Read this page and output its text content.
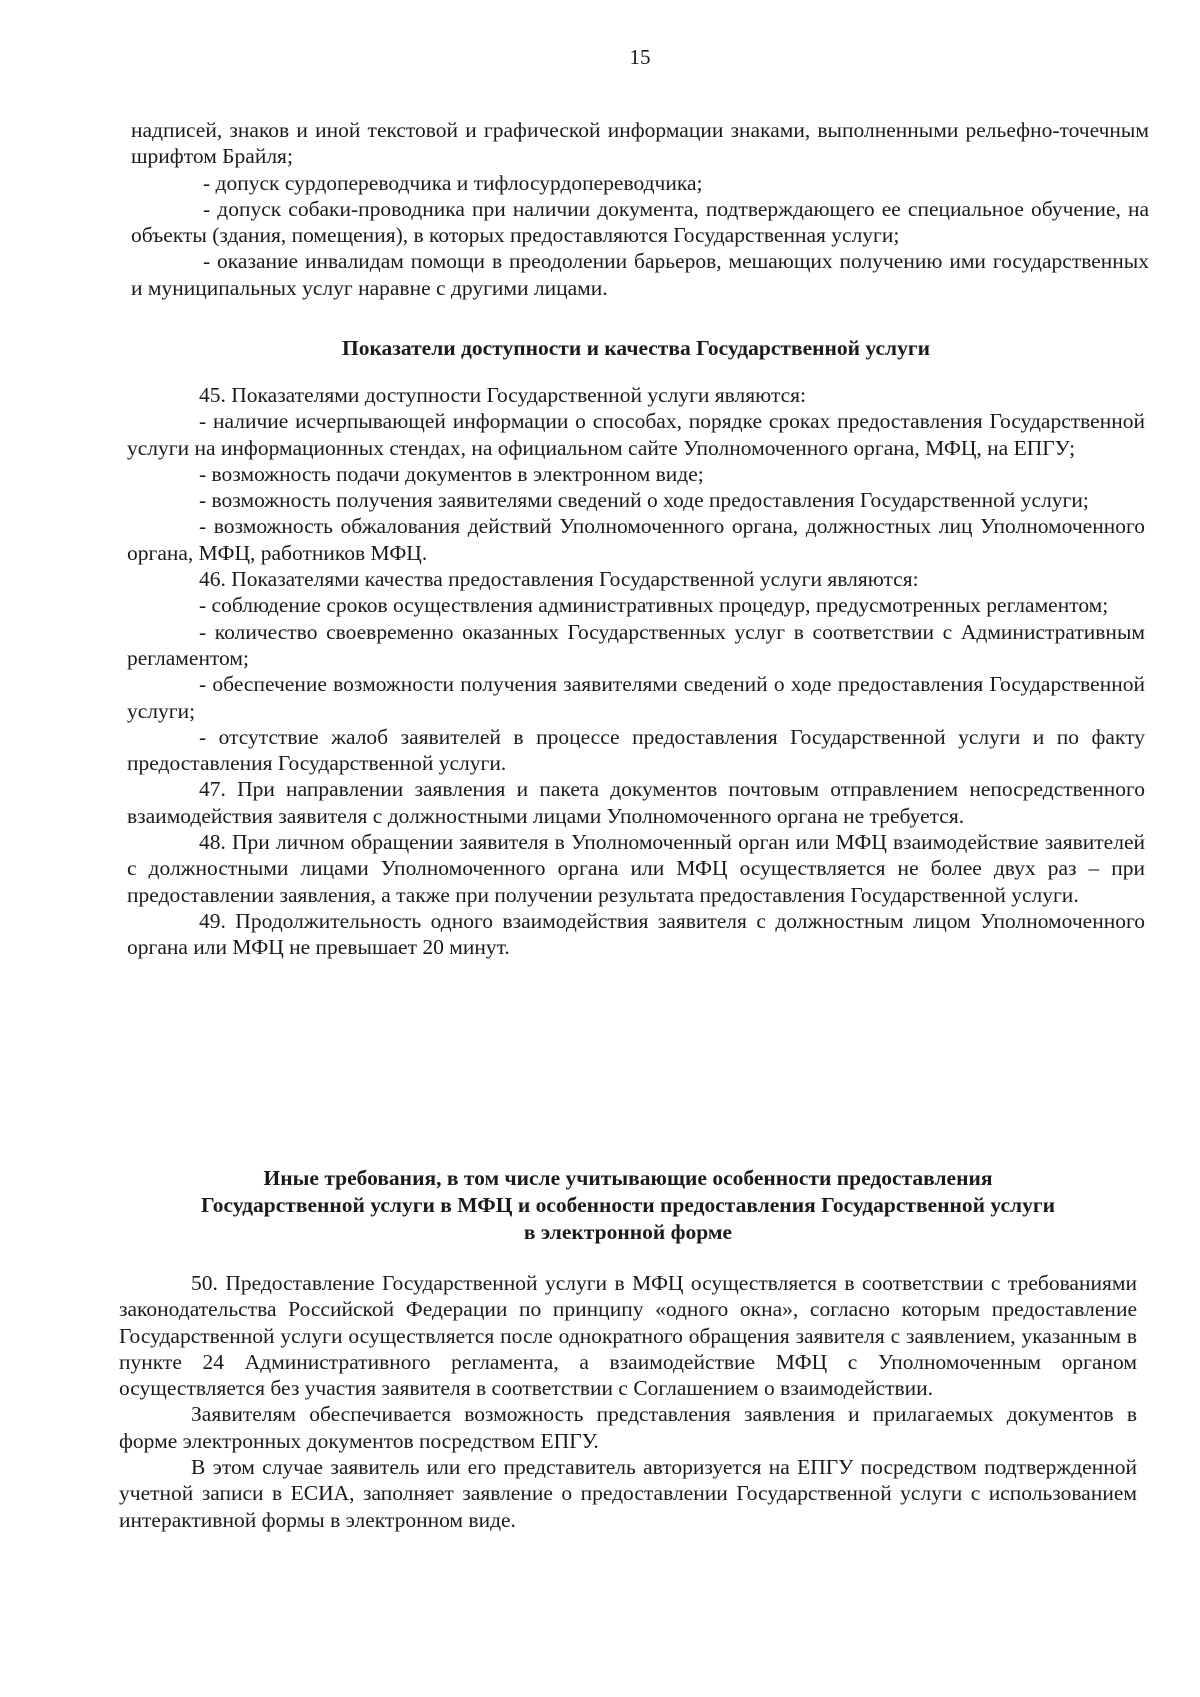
15

надписей, знаков и иной текстовой и графической информации знаками, выполненными рельефно-точечным шрифтом Брайля;

- допуск сурдопереводчика и тифлосурдопереводчика;

- допуск собаки-проводника при наличии документа, подтверждающего ее специальное обучение, на объекты (здания, помещения), в которых предоставляются Государственная услуги;

- оказание инвалидам помощи в преодолении барьеров, мешающих получению ими государственных и муниципальных услуг наравне с другими лицами.

Показатели доступности и качества Государственной услуги

45. Показателями доступности Государственной услуги являются:

- наличие исчерпывающей информации о способах, порядке сроках предоставления Государственной услуги на информационных стендах, на официальном сайте Уполномоченного органа, МФЦ, на ЕПГУ;

- возможность подачи документов в электронном виде;

- возможность получения заявителями сведений о ходе предоставления Государственной услуги;

- возможность обжалования действий Уполномоченного органа, должностных лиц Уполномоченного органа, МФЦ, работников МФЦ.

46. Показателями качества предоставления Государственной услуги являются:

- соблюдение сроков осуществления административных процедур, предусмотренных регламентом;

- количество своевременно оказанных Государственных услуг в соответствии с Административным регламентом;

- обеспечение возможности получения заявителями сведений о ходе предоставления Государственной услуги;

- отсутствие жалоб заявителей в процессе предоставления Государственной услуги и по факту предоставления Государственной услуги.

47. При направлении заявления и пакета документов почтовым отправлением непосредственного взаимодействия заявителя с должностными лицами Уполномоченного органа не требуется.

48. При личном обращении заявителя в Уполномоченный орган или МФЦ взаимодействие заявителей с должностными лицами Уполномоченного органа или МФЦ осуществляется не более двух раз – при предоставлении заявления, а также при получении результата предоставления Государственной услуги.

49. Продолжительность одного взаимодействия заявителя с должностным лицом Уполномоченного органа или МФЦ не превышает 20 минут.

Иные требования, в том числе учитывающие особенности предоставления
Государственной услуги в МФЦ и особенности предоставления Государственной услуги
в электронной форме

50. Предоставление Государственной услуги в МФЦ осуществляется в соответствии с требованиями законодательства Российской Федерации по принципу «одного окна», согласно которым предоставление Государственной услуги осуществляется после однократного обращения заявителя с заявлением, указанным в пункте 24 Административного регламента, а взаимодействие МФЦ с Уполномоченным органом осуществляется без участия заявителя в соответствии с Соглашением о взаимодействии.

Заявителям обеспечивается возможность представления заявления и прилагаемых документов в форме электронных документов посредством ЕПГУ.

В этом случае заявитель или его представитель авторизуется на ЕПГУ посредством подтвержденной учетной записи в ЕСИА, заполняет заявление о предоставлении Государственной услуги с использованием интерактивной формы в электронном виде.
